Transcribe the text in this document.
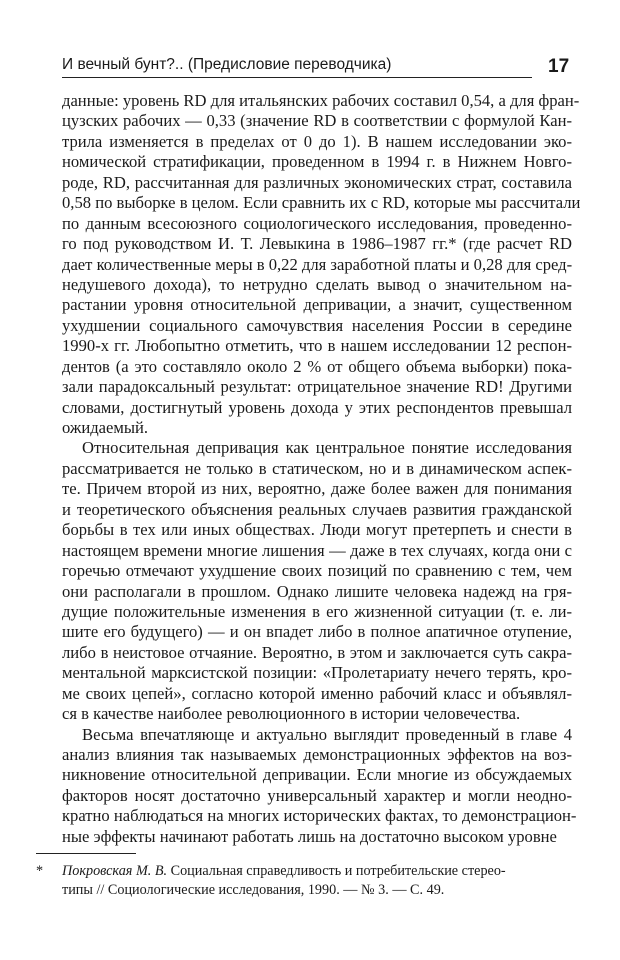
И вечный бунт?.. (Предисловие переводчика)	17
данные: уровень RD для итальянских рабочих составил 0,54, а для фран-
цузских рабочих — 0,33 (значение RD в соответствии с формулой Кан-
трила изменяется в пределах от 0 до 1). В нашем исследовании эко-
номической стратификации, проведенном в 1994 г. в Нижнем Новго-
роде, RD, рассчитанная для различных экономических страт, составила
0,58 по выборке в целом. Если сравнить их с RD, которые мы рассчитали
по данным всесоюзного социологического исследования, проведенно-
го под руководством И. Т. Левыкина в 1986–1987 гг.* (где расчет RD
дает количественные меры в 0,22 для заработной платы и 0,28 для сред-
недушевого дохода), то нетрудно сделать вывод о значительном на-
растании уровня относительной депривации, а значит, существенном
ухудшении социального самочувствия населения России в середине
1990-х гг. Любопытно отметить, что в нашем исследовании 12 респон-
дентов (а это составляло около 2 % от общего объема выборки) пока-
зали парадоксальный результат: отрицательное значение RD! Другими
словами, достигнутый уровень дохода у этих респондентов превышал
ожидаемый.
Относительная депривация как центральное понятие исследования
рассматривается не только в статическом, но и в динамическом аспек-
те. Причем второй из них, вероятно, даже более важен для понимания
и теоретического объяснения реальных случаев развития гражданской
борьбы в тех или иных обществах. Люди могут претерпеть и снести в
настоящем времени многие лишения — даже в тех случаях, когда они с
горечью отмечают ухудшение своих позиций по сравнению с тем, чем
они располагали в прошлом. Однако лишите человека надежд на гря-
дущие положительные изменения в его жизненной ситуации (т. е. ли-
шите его будущего) — и он впадет либо в полное апатичное отупение,
либо в неистовое отчаяние. Вероятно, в этом и заключается суть сакра-
ментальной марксистской позиции: «Пролетариату нечего терять, кро-
ме своих цепей», согласно которой именно рабочий класс и объявлял-
ся в качестве наиболее революционного в истории человечества.
Весьма впечатляюще и актуально выглядит проведенный в главе 4
анализ влияния так называемых демонстрационных эффектов на воз-
никновение относительной депривации. Если многие из обсуждаемых
факторов носят достаточно универсальный характер и могли неодно-
кратно наблюдаться на многих исторических фактах, то демонстрацион-
ные эффекты начинают работать лишь на достаточно высоком уровне
* Покровская М. В. Социальная справедливость и потребительские стерео-
типы // Социологические исследования, 1990. — № 3. — С. 49.
